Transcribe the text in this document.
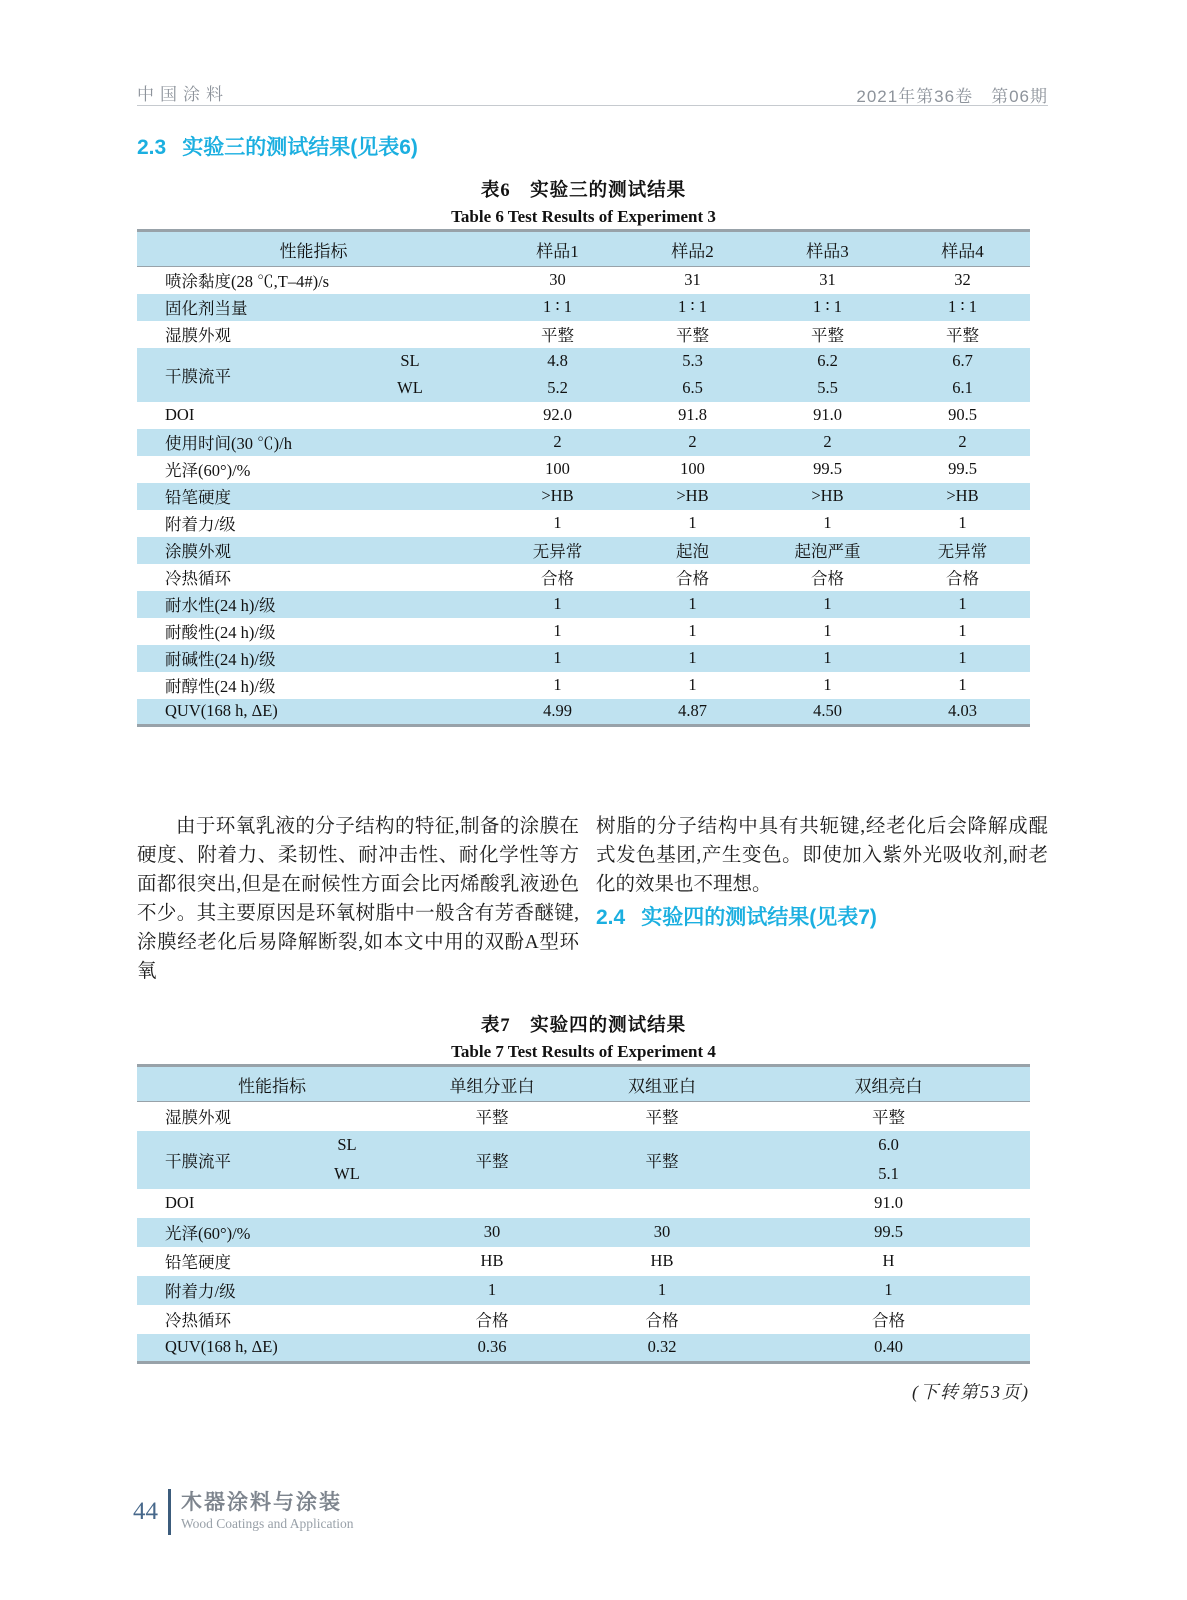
中国涂料	2021年第36卷　第06期
2.3 实验三的测试结果(见表6)
表6　实验三的测试结果
Table 6 Test Results of Experiment 3
性能指标		样品1	样品2	样品3	样品4
喷涂黏度(28 ℃,T–4#)/s		30	31	31	32
固化剂当量		1 ∶ 1	1 ∶ 1	1 ∶ 1	1 ∶ 1
湿膜外观		平整	平整	平整	平整
干膜流平	SL	4.8	5.3	6.2	6.7
	WL	5.2	6.5	5.5	6.1
DOI		92.0	91.8	91.0	90.5
使用时间(30 ℃)/h		2	2	2	2
光泽(60°)/%		100	100	99.5	99.5
铅笔硬度		>HB	>HB	>HB	>HB
附着力/级		1	1	1	1
涂膜外观		无异常	起泡	起泡严重	无异常
冷热循环		合格	合格	合格	合格
耐水性(24 h)/级		1	1	1	1
耐酸性(24 h)/级		1	1	1	1
耐碱性(24 h)/级		1	1	1	1
耐醇性(24 h)/级		1	1	1	1
QUV(168 h, ΔE)		4.99	4.87	4.50	4.03
由于环氧乳液的分子结构的特征,制备的涂膜在硬度、附着力、柔韧性、耐冲击性、耐化学性等方面都很突出,但是在耐候性方面会比丙烯酸乳液逊色不少。其主要原因是环氧树脂中一般含有芳香醚键,涂膜经老化后易降解断裂,如本文中用的双酚A型环氧
树脂的分子结构中具有共轭键,经老化后会降解成醌式发色基团,产生变色。即使加入紫外光吸收剂,耐老化的效果也不理想。
2.4 实验四的测试结果(见表7)
表7　实验四的测试结果
Table 7 Test Results of Experiment 4
性能指标		单组分亚白	双组亚白	双组亮白
湿膜外观		平整	平整	平整
干膜流平	SL	平整	平整	6.0
	WL			5.1
DOI				91.0
光泽(60°)/%		30	30	99.5
铅笔硬度		HB	HB	H
附着力/级		1	1	1
冷热循环		合格	合格	合格
QUV(168 h, ΔE)		0.36	0.32	0.40
(下转第53页)
44 木器涂料与涂装
Wood Coatings and Application
